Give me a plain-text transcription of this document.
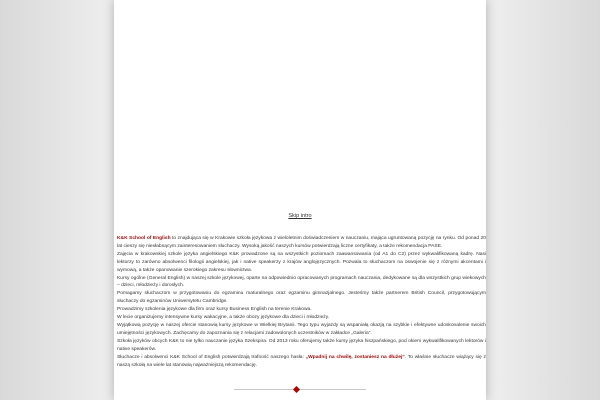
Skip intro

K&K School of English to znajdująca się w Krakowie szkoła językowa z wieloletnim doświadczeniem w nauczaniu, mająca ugruntowaną pozycję na rynku. Od ponad 20 lat cieszy się niesłabnącym zainteresowaniem słuchaczy. Wysoką jakość naszych kursów potwierdzają liczne certyfikaty, a także rekomendacja PASE.

Zajęcia w krakowskiej szkole języka angielskiego K&K prowadzone są na wszystkich poziomach zaawansowania (od A1 do C2) przez wykwalifikowaną kadrę. Nasi lektorzy to zarówno absolwenci filologii angielskiej, jak i native speakerzy z krajów anglojęzycznych. Pozwala to słuchaczom na oswojenie się z różnymi akcentami i wymową, a także opanowanie szerokiego zakresu słownictwa.

Kursy ogólne (General English) w naszej szkole językowej, oparte na odpowiednio opracowanych programach nauczania, dedykowane są dla wszystkich grup wiekowych – dzieci, młodzieży i dorosłych.

Pomagamy słuchaczom w przygotowaniu do egzaminu maturalnego oraz egzaminu gimnazjalnego. Jesteśmy także partnerem British Council, przygotowującym słuchaczy do egzaminów Uniwersytetu Cambridge.

Prowadzimy szkolenia językowe dla firm oraz kursy Business English na terenie Krakowa.

W lecie organizujemy intensywne kursy wakacyjne, a także obozy językowe dla dzieci i młodzieży.

Wyjątkową pozycję w naszej ofercie stanowią kursy językowe w Wielkiej Brytanii. Tego typu wyjazdy są wspaniałą okazją na szybkie i efektywne udoskonalenie swoich umiejętności językowych. Zachęcamy do zapoznania się z relacjami zadowolonych uczestników w zakładce „Galeria”.

Szkoła języków obcych K&K to nie tylko nauczanie języka Szekspira. Od 2013 roku oferujemy także kursy języka hiszpańskiego, pod okiem wykwalifikowanych lektorów i native speakerów.

Słuchacze i absolwenci K&K School of English potwierdzają trafność naszego hasła: „Wpadnij na chwilę, zostaniesz na dłużej”. To właśnie słuchacze wiążący się z naszą szkołą na wiele lat stanowią najważniejszą rekomendację.
